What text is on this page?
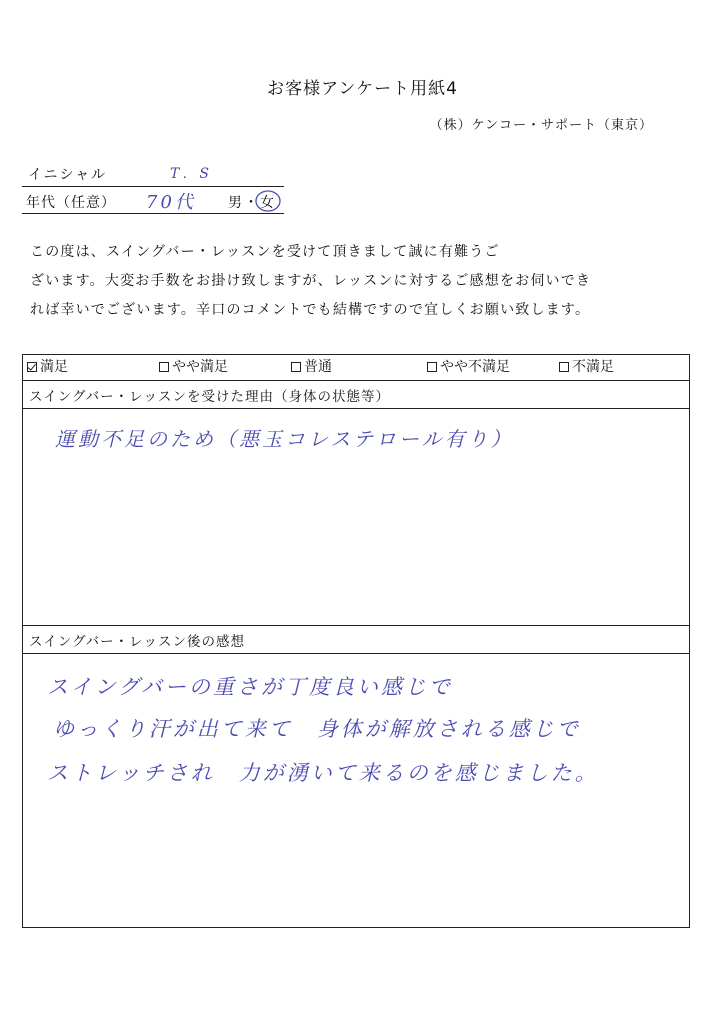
お客様アンケート用紙4
（株）ケンコー・サポート（東京）
イニシャル	T．S
年代（任意） 70代 男・女

この度は、スイングバー・レッスンを受けて頂きまして誠に有難うご

ざいます。大変お手数をお掛け致しますが、レッスンに対するご感想をお伺いでき

れば幸いでございます。辛口のコメントでも結構ですので宜しくお願い致します。

満足	やや満足	普通	やや不満足	不満足
スイングバー・レッスンを受けた理由（身体の状態等）
運動不足のため（悪玉コレステロール有り）
スイングバー・レッスン後の感想
スイングバーの重さが丁度良い感じで
ゆっくり汗が出て来て　身体が解放される感じで
ストレッチされ　力が湧いて来るのを感じました。
